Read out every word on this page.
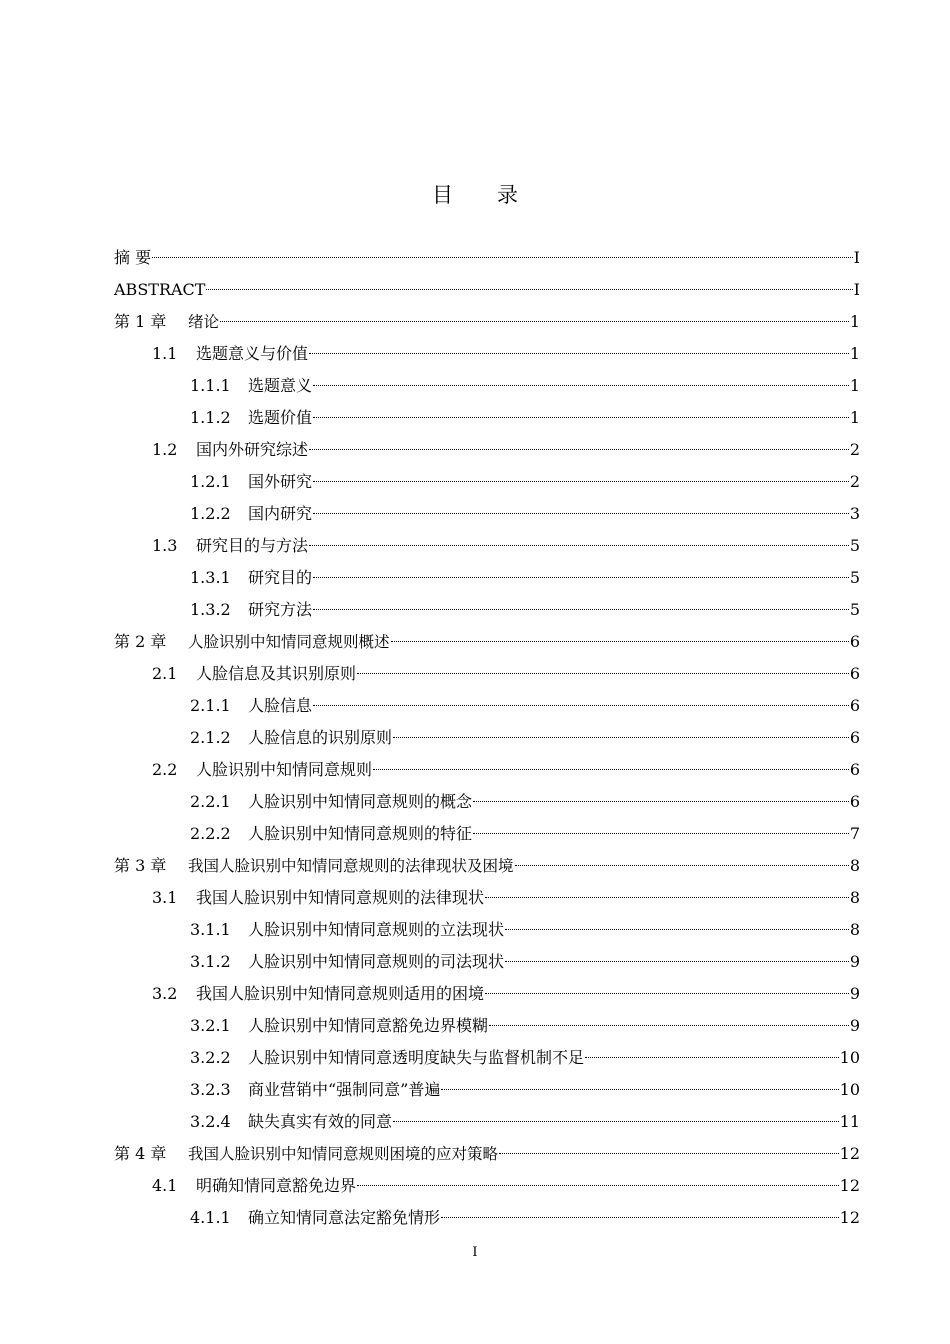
目录
摘 要	I
ABSTRACT	I
第 1 章	绪论	1
1.1	选题意义与价值	1
1.1.1	选题意义	1
1.1.2	选题价值	1
1.2	国内外研究综述	2
1.2.1	国外研究	2
1.2.2	国内研究	3
1.3	研究目的与方法	5
1.3.1	研究目的	5
1.3.2	研究方法	5
第 2 章	人脸识别中知情同意规则概述	6
2.1	人脸信息及其识别原则	6
2.1.1	人脸信息	6
2.1.2	人脸信息的识别原则	6
2.2	人脸识别中知情同意规则	6
2.2.1	人脸识别中知情同意规则的概念	6
2.2.2	人脸识别中知情同意规则的特征	7
第 3 章	我国人脸识别中知情同意规则的法律现状及困境	8
3.1	我国人脸识别中知情同意规则的法律现状	8
3.1.1	人脸识别中知情同意规则的立法现状	8
3.1.2	人脸识别中知情同意规则的司法现状	9
3.2	我国人脸识别中知情同意规则适用的困境	9
3.2.1	人脸识别中知情同意豁免边界模糊	9
3.2.2	人脸识别中知情同意透明度缺失与监督机制不足	10
3.2.3	商业营销中“强制同意”普遍	10
3.2.4	缺失真实有效的同意	11
第 4 章	我国人脸识别中知情同意规则困境的应对策略	12
4.1	明确知情同意豁免边界	12
4.1.1	确立知情同意法定豁免情形	12
I
